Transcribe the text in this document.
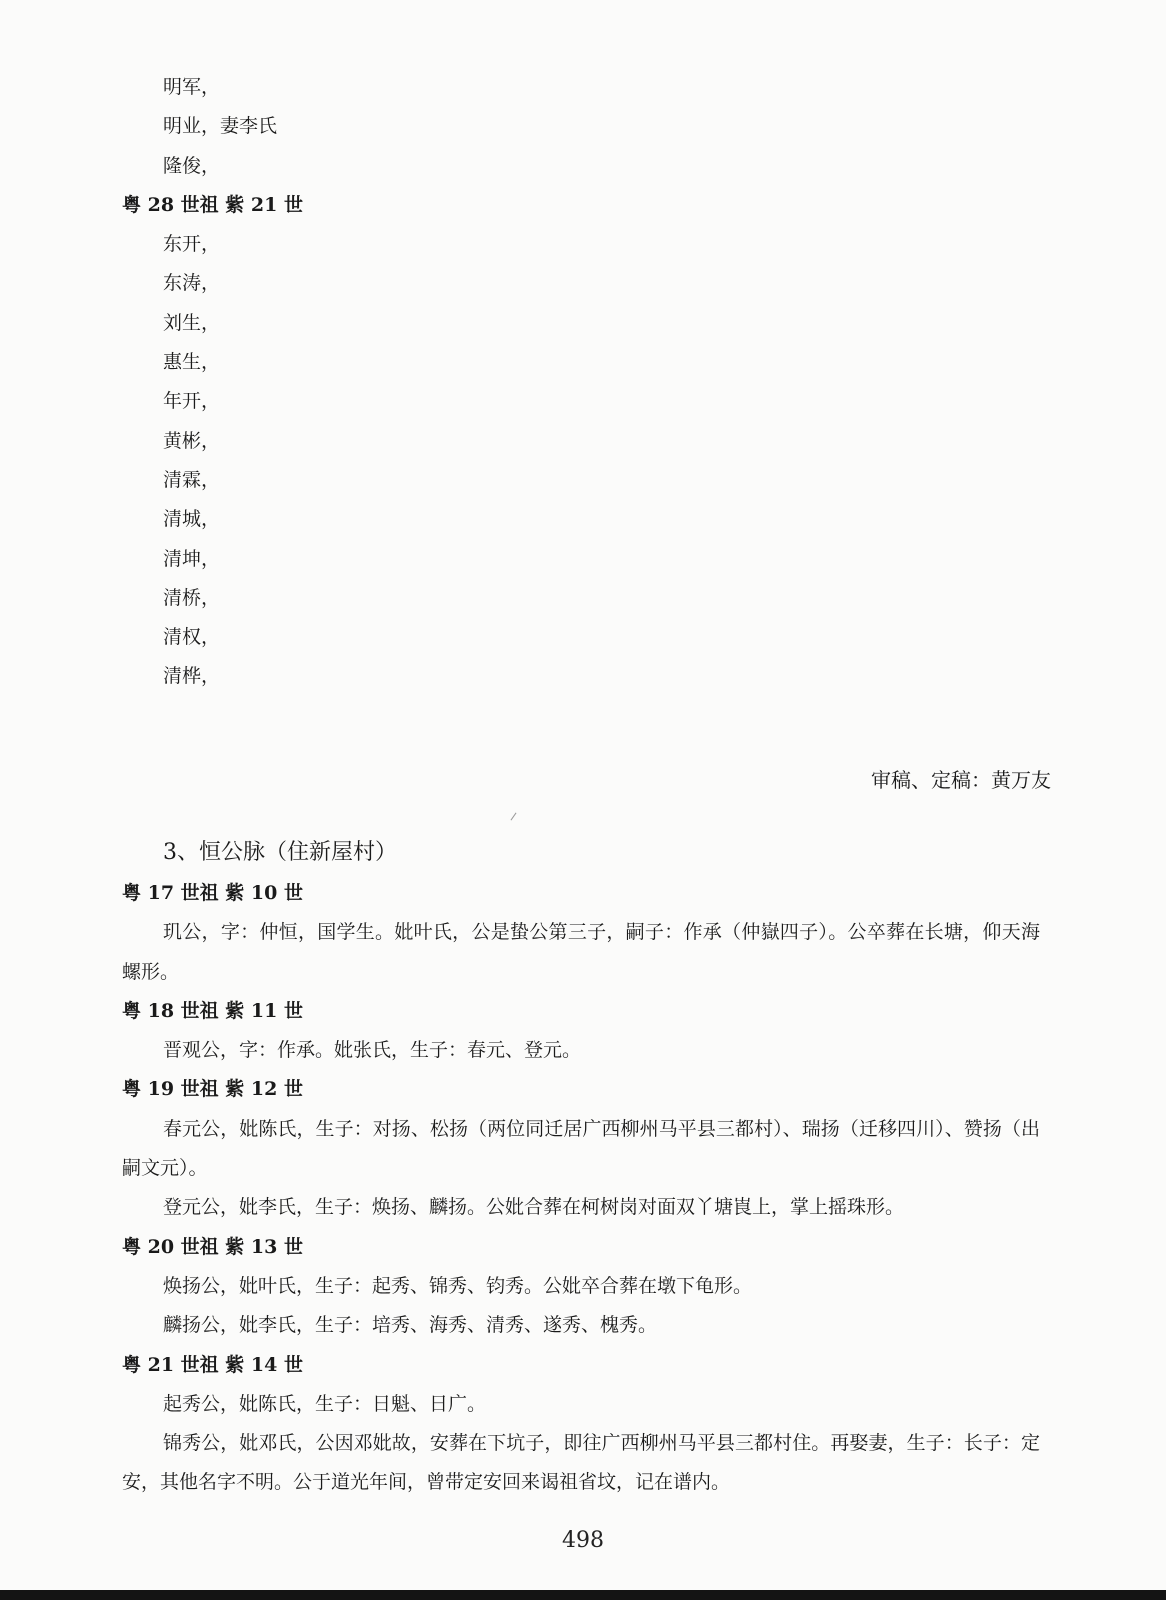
明军，
明业，妻李氏
隆俊，
粤 28 世祖 紫 21 世
东开，
东涛，
刘生，
惠生，
年开，
黄彬，
清霖，
清城，
清坤，
清桥，
清权，
清桦，
审稿、定稿：黄万友
3、恒公脉（住新屋村）
粤 17 世祖 紫 10 世
玑公，字：仲恒，国学生。妣叶氏，公是蛰公第三子，嗣子：作承（仲嶽四子）。公卒葬在长塘，仰天海螺形。
粤 18 世祖 紫 11 世
晋观公，字：作承。妣张氏，生子：春元、登元。
粤 19 世祖 紫 12 世
春元公，妣陈氏，生子：对扬、松扬（两位同迁居广西柳州马平县三都村）、瑞扬（迁移四川）、赞扬（出嗣文元）。
登元公，妣李氏，生子：焕扬、麟扬。公妣合葬在柯树岗对面双丫塘崀上，掌上摇珠形。
粤 20 世祖 紫 13 世
焕扬公，妣叶氏，生子：起秀、锦秀、钧秀。公妣卒合葬在墩下龟形。
麟扬公，妣李氏，生子：培秀、海秀、清秀、遂秀、槐秀。
粤 21 世祖 紫 14 世
起秀公，妣陈氏，生子：日魁、日广。
锦秀公，妣邓氏，公因邓妣故，安葬在下坑子，即往广西柳州马平县三都村住。再娶妻，生子：长子：定安，其他名字不明。公于道光年间，曾带定安回来谒祖省坟，记在谱内。
498
